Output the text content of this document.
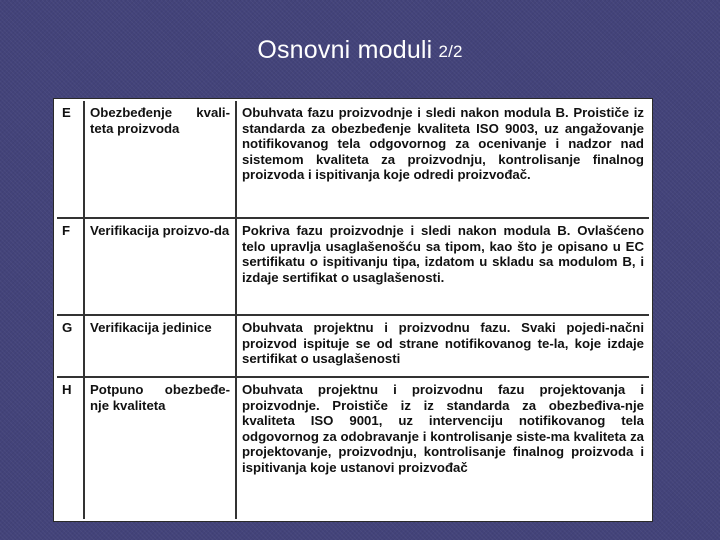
Osnovni moduli 2/2
E	Obezbeđenje kvali-teta proizvoda	Obuhvata fazu proizvodnje i sledi nakon modula B. Proističe iz standarda za obezbeđenje kvaliteta ISO 9003, uz angažovanje notifikovanog tela odgovornog za ocenivanje i nadzor nad sistemom kvaliteta za proizvodnju, kontrolisanje finalnog proizvoda i ispitivanja koje odredi proizvođač.
F	Verifikacija proizvo-da	Pokriva fazu proizvodnje i sledi nakon modula B. Ovlašćeno telo upravlja usaglašenošću sa tipom, kao što je opisano u EC sertifikatu o ispitivanju tipa, izdatom u skladu sa modulom B, i izdaje sertifikat o usaglašenosti.
G	Verifikacija jedinice	Obuhvata projektnu i proizvodnu fazu. Svaki pojedi-načni proizvod ispituje se od strane notifikovanog te-la, koje izdaje sertifikat o usaglašenosti
H	Potpuno obezbeđe-nje kvaliteta	Obuhvata projektnu i proizvodnu fazu projektovanja i proizvodnje. Proističe iz iz standarda za obezbeđiva-nje kvaliteta ISO 9001, uz intervenciju notifikovanog tela odgovornog za odobravanje i kontrolisanje siste-ma kvaliteta za projektovanje, proizvodnju, kontrolisanje finalnog proizvoda i ispitivanja koje ustanovi proizvođač
